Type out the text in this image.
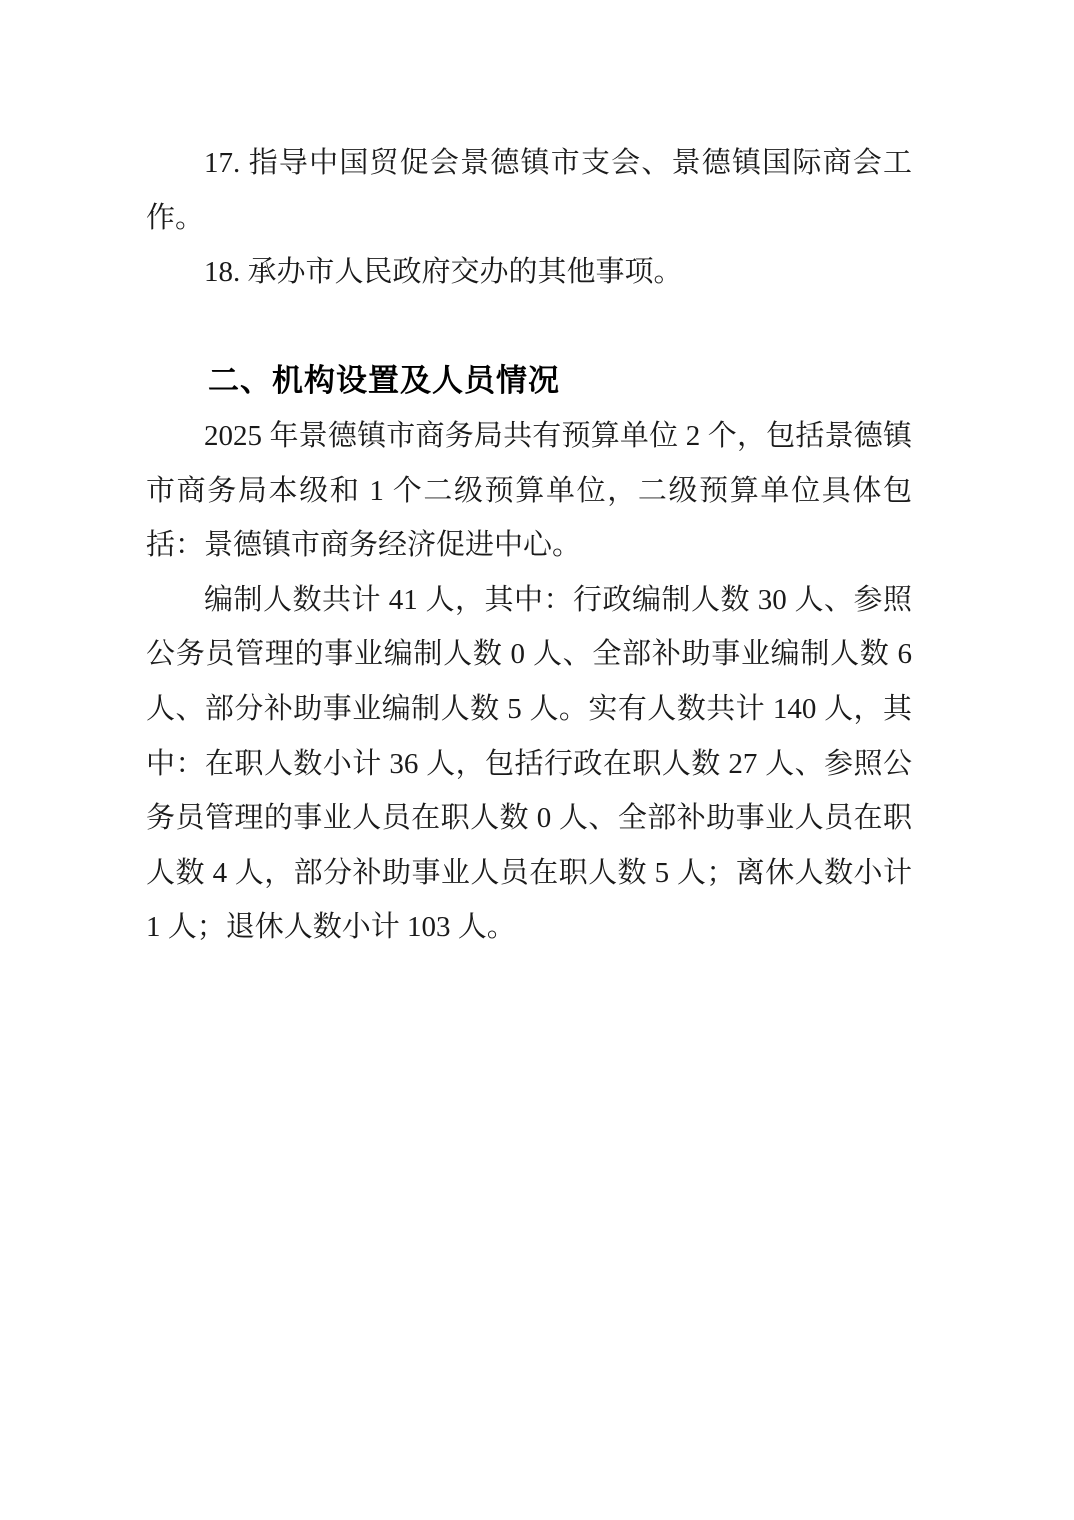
17. 指导中国贸促会景德镇市支会、景德镇国际商会工作。

18. 承办市人民政府交办的其他事项。

二、机构设置及人员情况

2025 年景德镇市商务局共有预算单位 2 个，包括景德镇市商务局本级和 1 个二级预算单位，二级预算单位具体包括：景德镇市商务经济促进中心。

编制人数共计 41 人，其中：行政编制人数 30 人、参照公务员管理的事业编制人数 0 人、全部补助事业编制人数 6 人、部分补助事业编制人数 5 人。实有人数共计 140 人，其中：在职人数小计 36 人，包括行政在职人数 27 人、参照公务员管理的事业人员在职人数 0 人、全部补助事业人员在职人数 4 人，部分补助事业人员在职人数 5 人；离休人数小计 1 人；退休人数小计 103 人。
